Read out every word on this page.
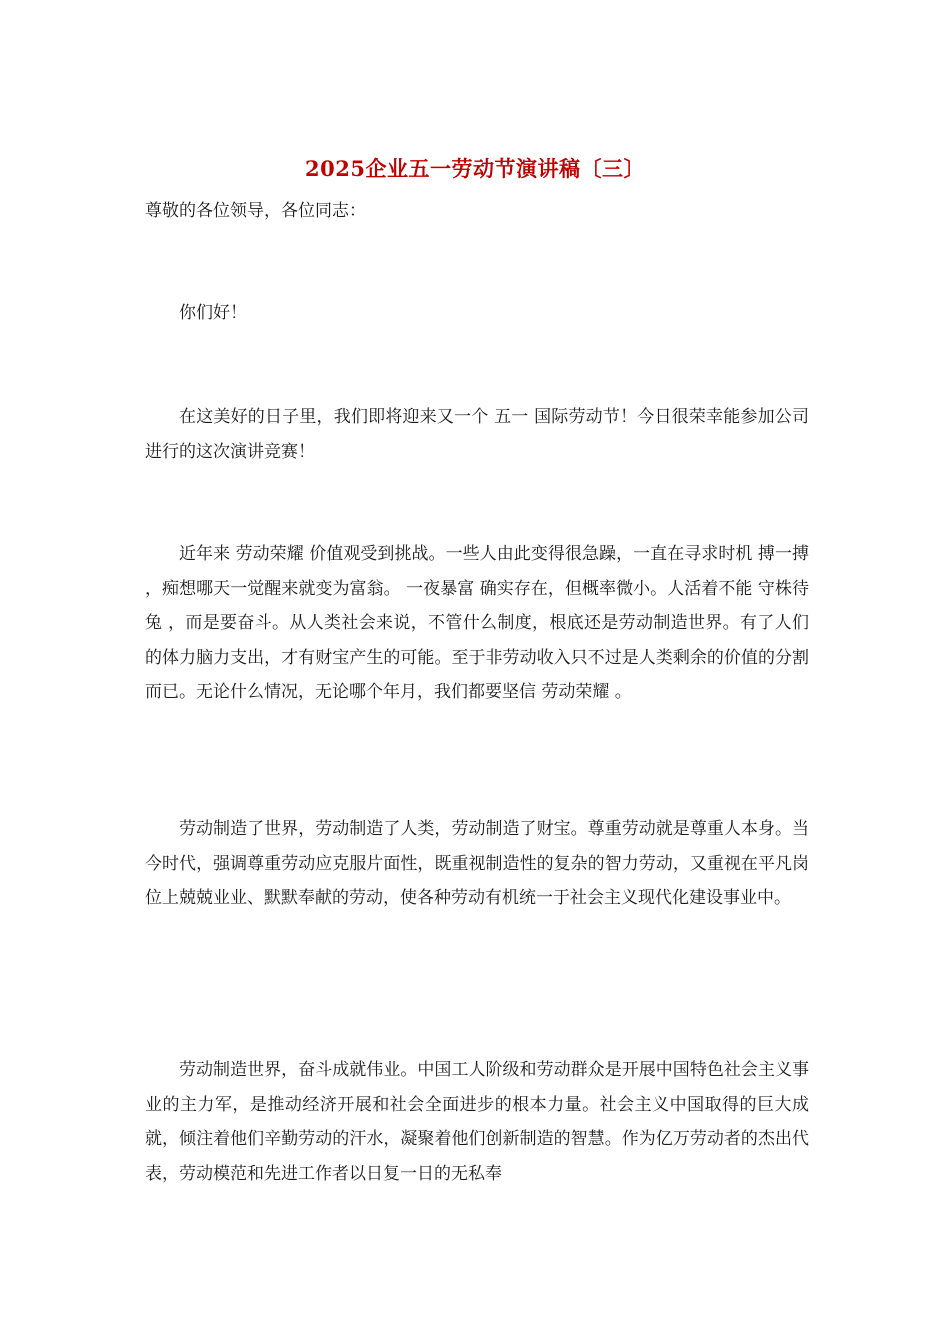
2025企业五一劳动节演讲稿〔三〕

尊敬的各位领导，各位同志：

你们好！

在这美好的日子里，我们即将迎来又一个 五一 国际劳动节！今日很荣幸能参加公司进行的这次演讲竞赛！

近年来 劳动荣耀 价值观受到挑战。一些人由此变得很急躁，一直在寻求时机 搏一搏 ，痴想哪天一觉醒来就变为富翁。 一夜暴富 确实存在，但概率微小。人活着不能 守株待兔 ，而是要奋斗。从人类社会来说，不管什么制度，根底还是劳动制造世界。有了人们的体力脑力支出，才有财宝产生的可能。至于非劳动收入只不过是人类剩余的价值的分割而已。无论什么情况，无论哪个年月，我们都要坚信 劳动荣耀 。

劳动制造了世界，劳动制造了人类，劳动制造了财宝。尊重劳动就是尊重人本身。当今时代，强调尊重劳动应克服片面性，既重视制造性的复杂的智力劳动，又重视在平凡岗位上兢兢业业、默默奉献的劳动，使各种劳动有机统一于社会主义现代化建设事业中。

劳动制造世界，奋斗成就伟业。中国工人阶级和劳动群众是开展中国特色社会主义事业的主力军，是推动经济开展和社会全面进步的根本力量。社会主义中国取得的巨大成就，倾注着他们辛勤劳动的汗水，凝聚着他们创新制造的智慧。作为亿万劳动者的杰出代表，劳动模范和先进工作者以日复一日的无私奉
